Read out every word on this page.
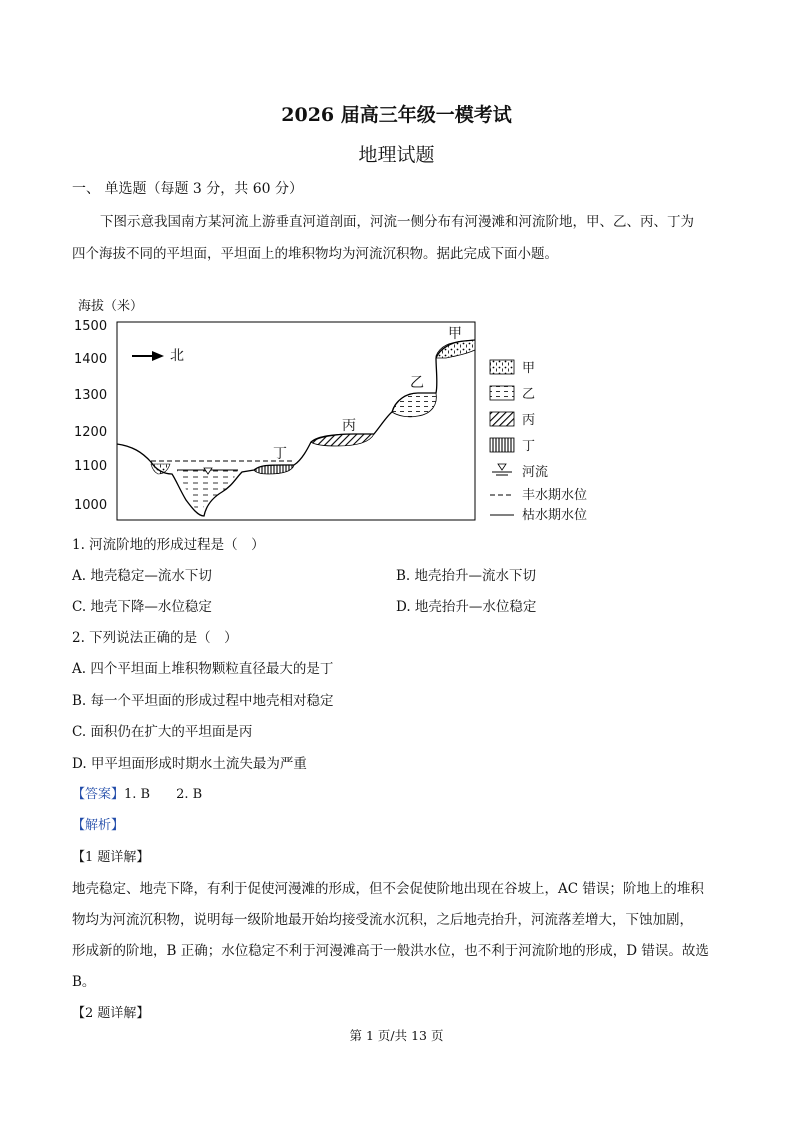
2026 届高三年级一模考试
地理试题
一、 单选题（每题 3 分，共 60 分）
下图示意我国南方某河流上游垂直河道剖面，河流一侧分布有河漫滩和河流阶地，甲、乙、丙、丁为
四个海拔不同的平坦面，平坦面上的堆积物均为河流沉积物。据此完成下面小题。
海拔（米）
1500
1400
1300
1200
1100
1000
北
甲
乙
丙
丁
甲
乙
丙
丁
河流
丰水期水位
枯水期水位
1. 河流阶地的形成过程是（　）
A. 地壳稳定—流水下切	B. 地壳抬升—流水下切
C. 地壳下降—水位稳定	D. 地壳抬升—水位稳定
2. 下列说法正确的是（　）
A. 四个平坦面上堆积物颗粒直径最大的是丁
B. 每一个平坦面的形成过程中地壳相对稳定
C. 面积仍在扩大的平坦面是丙
D. 甲平坦面形成时期水土流失最为严重
【答案】1. B　　2. B
【解析】
【1 题详解】
地壳稳定、地壳下降，有利于促使河漫滩的形成，但不会促使阶地出现在谷坡上，AC 错误；阶地上的堆积
物均为河流沉积物，说明每一级阶地最开始均接受流水沉积，之后地壳抬升，河流落差增大，下蚀加剧，
形成新的阶地，B 正确；水位稳定不利于河漫滩高于一般洪水位，也不利于河流阶地的形成，D 错误。故选
B。
【2 题详解】
第 1 页/共 13 页
